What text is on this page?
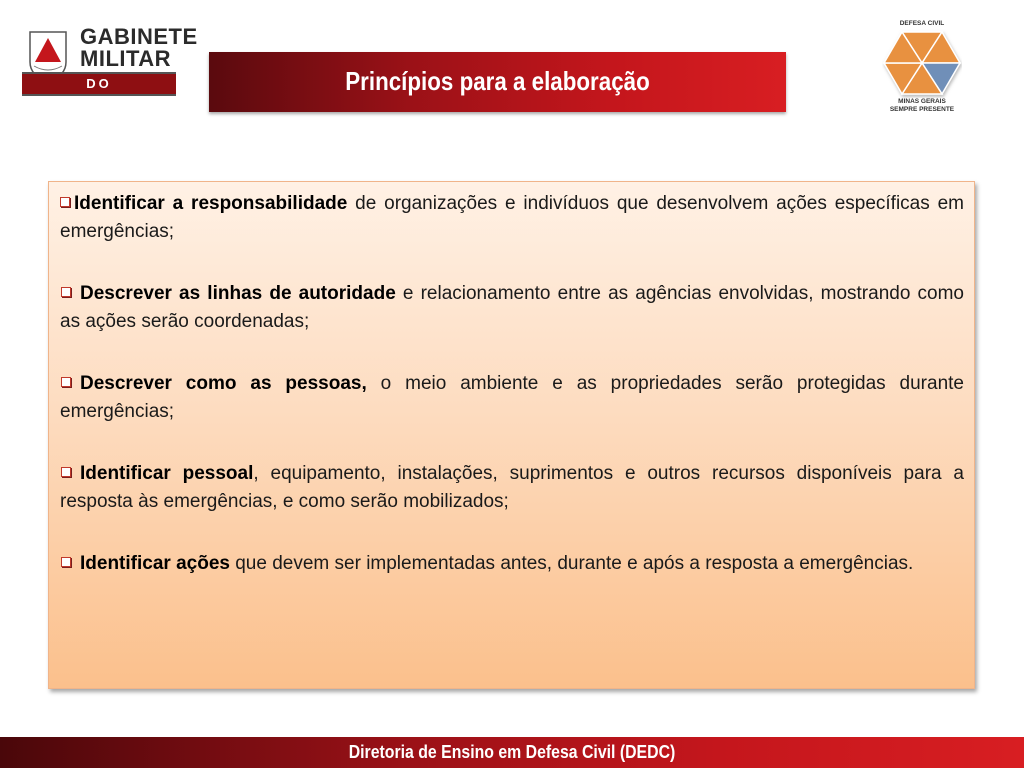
GABINETE
MILITAR
DO GOVERNADOR
Princípios para a elaboração
DEFESA CIVIL
MINAS GERAIS
SEMPRE PRESENTE

Identificar a responsabilidade de organizações e indivíduos que desenvolvem ações específicas em emergências;

Descrever as linhas de autoridade e relacionamento entre as agências envolvidas, mostrando como as ações serão coordenadas;

Descrever como as pessoas, o meio ambiente e as propriedades serão protegidas durante emergências;

Identificar pessoal, equipamento, instalações, suprimentos e outros recursos disponíveis para a resposta às emergências, e como serão mobilizados;

Identificar ações que devem ser implementadas antes, durante e após a resposta a emergências.

Diretoria de Ensino em Defesa Civil (DEDC)
